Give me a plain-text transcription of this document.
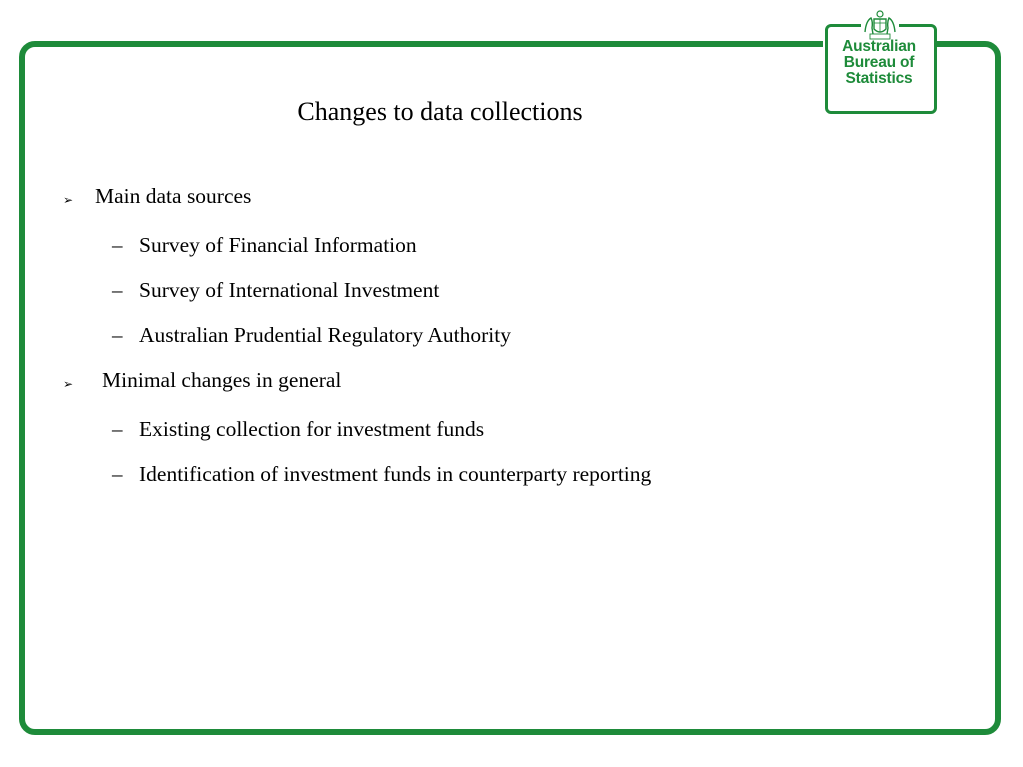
Australian
Bureau of
Statistics
Changes to data collections
➢ Main data sources
– Survey of Financial Information
– Survey of International Investment
– Australian Prudential Regulatory Authority
➢ Minimal changes in general
– Existing collection for investment funds
– Identification of investment funds in counterparty reporting
